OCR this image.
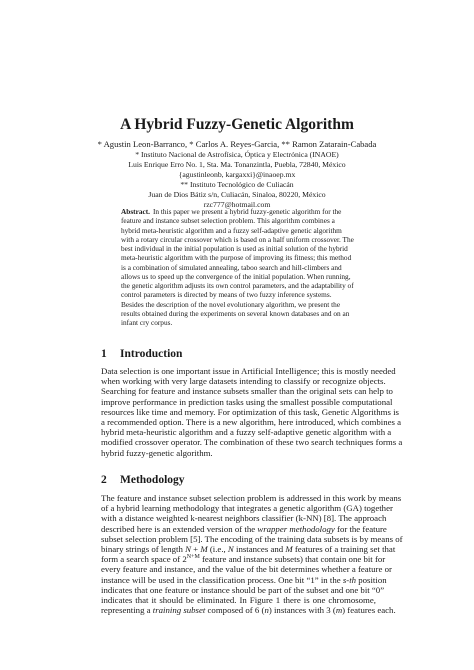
A Hybrid Fuzzy-Genetic Algorithm
* Agustin Leon-Barranco, * Carlos A. Reyes-Garcia, ** Ramon Zatarain-Cabada
* Instituto Nacional de Astrofísica, Óptica y Electrónica (INAOE)
Luis Enrique Erro No. 1, Sta. Ma. Tonanzintla, Puebla, 72840, México
{agustinleonb, kargaxxi}@inaoep.mx
** Instituto Tecnológico de Culiacán
Juan de Dios Bátiz s/n, Culiacán, Sinaloa, 80220, México
rzc777@hotmail.com
Abstract. In this paper we present a hybrid fuzzy-genetic algorithm for the
feature and instance subset selection problem. This algorithm combines a
hybrid meta-heuristic algorithm and a fuzzy self-adaptive genetic algorithm
with a rotary circular crossover which is based on a half uniform crossover. The
best individual in the initial population is used as initial solution of the hybrid
meta-heuristic algorithm with the purpose of improving its fitness; this method
is a combination of simulated annealing, taboo search and hill-climbers and
allows us to speed up the convergence of the initial population. When running,
the genetic algorithm adjusts its own control parameters, and the adaptability of
control parameters is directed by means of two fuzzy inference systems.
Besides the description of the novel evolutionary algorithm, we present the
results obtained during the experiments on several known databases and on an
infant cry corpus.
1 Introduction
Data selection is one important issue in Artificial Intelligence; this is mostly needed
when working with very large datasets intending to classify or recognize objects.
Searching for feature and instance subsets smaller than the original sets can help to
improve performance in prediction tasks using the smallest possible computational
resources like time and memory. For optimization of this task, Genetic Algorithms is
a recommended option. There is a new algorithm, here introduced, which combines a
hybrid meta-heuristic algorithm and a fuzzy self-adaptive genetic algorithm with a
modified crossover operator. The combination of these two search techniques forms a
hybrid fuzzy-genetic algorithm.
2 Methodology
The feature and instance subset selection problem is addressed in this work by means
of a hybrid learning methodology that integrates a genetic algorithm (GA) together
with a distance weighted k-nearest neighbors classifier (k-NN) [8]. The approach
described here is an extended version of the wrapper methodology for the feature
subset selection problem [5]. The encoding of the training data subsets is by means of
binary strings of length N + M (i.e., N instances and M features of a training set that
form a search space of $2^{N+M}$ feature and instance subsets) that contain one bit for
every feature and instance, and the value of the bit determines whether a feature or
instance will be used in the classification process. One bit “1” in the s-th position
indicates that one feature or instance should be part of the subset and one bit “0”
indicates that it should be eliminated. In Figure 1 there is one chromosome,
representing a training subset composed of 6 (n) instances with 3 (m) features each.
